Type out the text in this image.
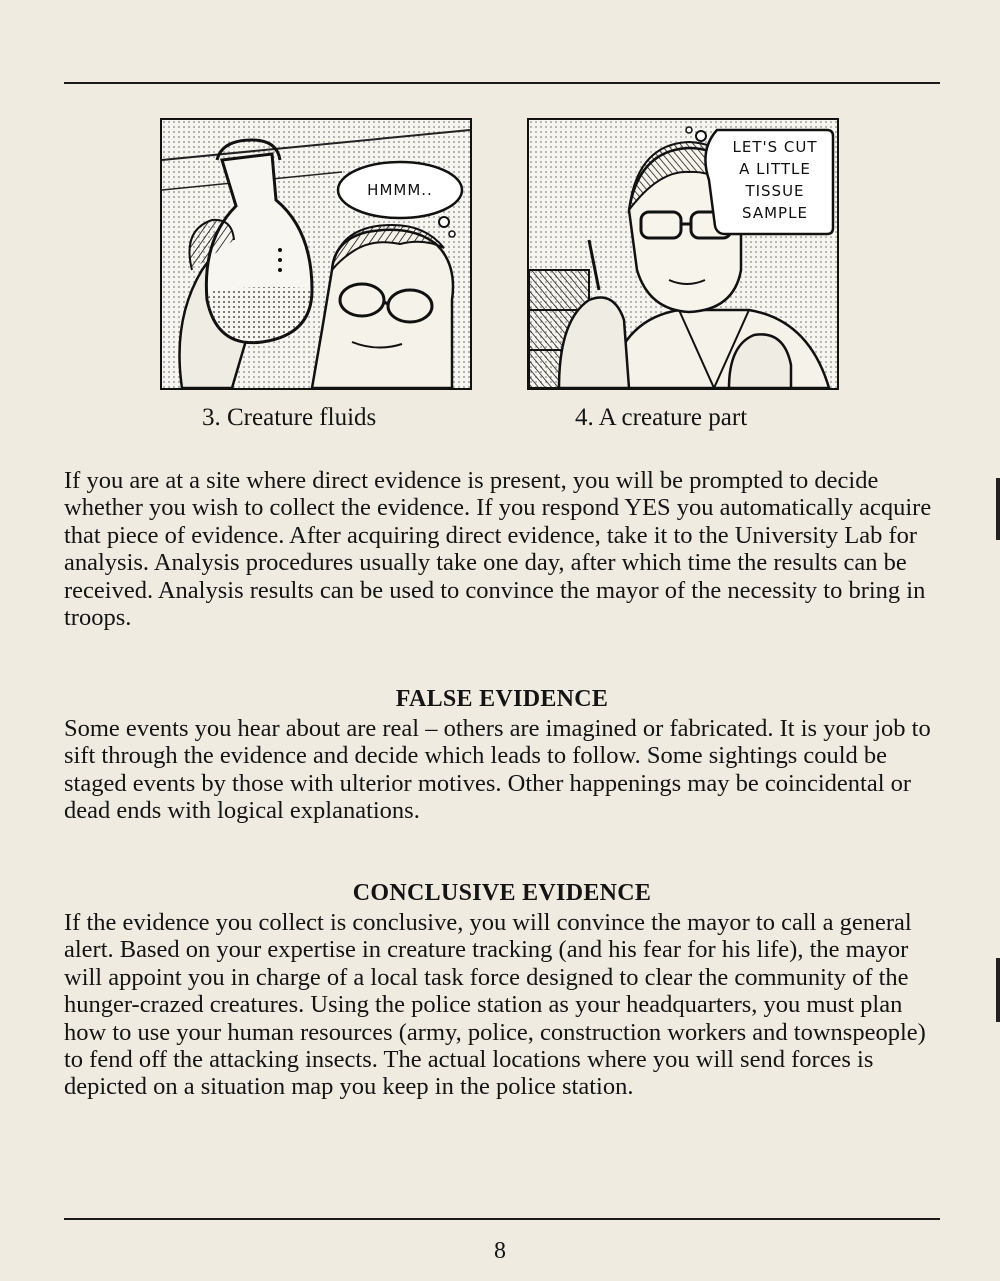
HMMM..
LET'S CUT
A LITTLE
TISSUE
SAMPLE
3. Creature fluids	4. A creature part

If you are at a site where direct evidence is present, you will be prompted to decide whether you wish to collect the evidence. If you respond YES you automatically acquire that piece of evidence. After acquiring direct evidence, take it to the University Lab for analysis. Analysis procedures usually take one day, after which time the results can be received. Analysis results can be used to convince the mayor of the necessity to bring in troops.

FALSE EVIDENCE

Some events you hear about are real – others are imagined or fabricated. It is your job to sift through the evidence and decide which leads to follow. Some sightings could be staged events by those with ulterior motives. Other happenings may be coincidental or dead ends with logical explanations.

CONCLUSIVE EVIDENCE

If the evidence you collect is conclusive, you will convince the mayor to call a general alert. Based on your expertise in creature tracking (and his fear for his life), the mayor will appoint you in charge of a local task force designed to clear the community of the hunger-crazed creatures. Using the police station as your headquarters, you must plan how to use your human resources (army, police, construction workers and townspeople) to fend off the attacking insects. The actual locations where you will send forces is depicted on a situation map you keep in the police station.

8
